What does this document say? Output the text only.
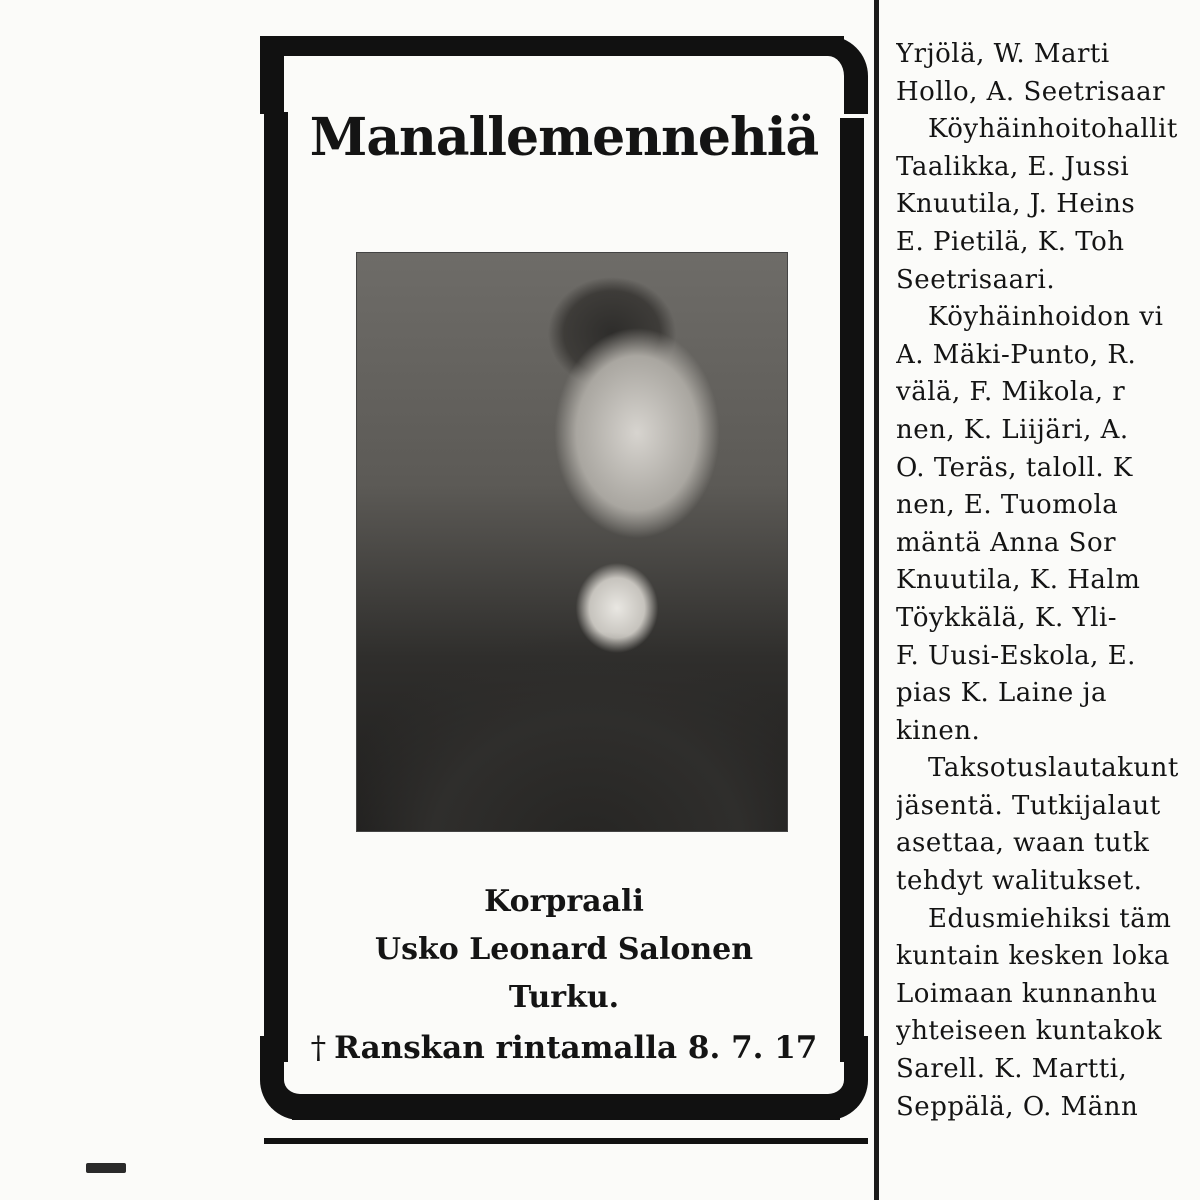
Manallemennehiä
Korpraali
Usko Leonard Salonen
Turku.
† Ranskan rintamalla 8. 7. 17
Yrjölä, W. Marti
Hollo, A. Seetrisaar
Köyhäinhoitohallit
Taalikka, E. Jussi
Knuutila, J. Heins
E. Pietilä, K. Toh
Seetrisaari.
Köyhäinhoidon vi
A. Mäki-Punto, R.
välä, F. Mikola, r
nen, K. Liijäri, A.
O. Teräs, taloll. K
nen, E. Tuomola
mäntä Anna Sor
Knuutila, K. Halm
Töykkälä, K. Yli-
F. Uusi-Eskola, E.
pias K. Laine ja
kinen.
Taksotuslautakunt
jäsentä. Tutkijalaut
asettaa, waan tutk
tehdyt walitukset.
Edusmiehiksi täm
kuntain kesken loka
Loimaan kunnanhu
yhteiseen kuntakok
Sarell. K. Martti,
Seppälä, O. Männ
